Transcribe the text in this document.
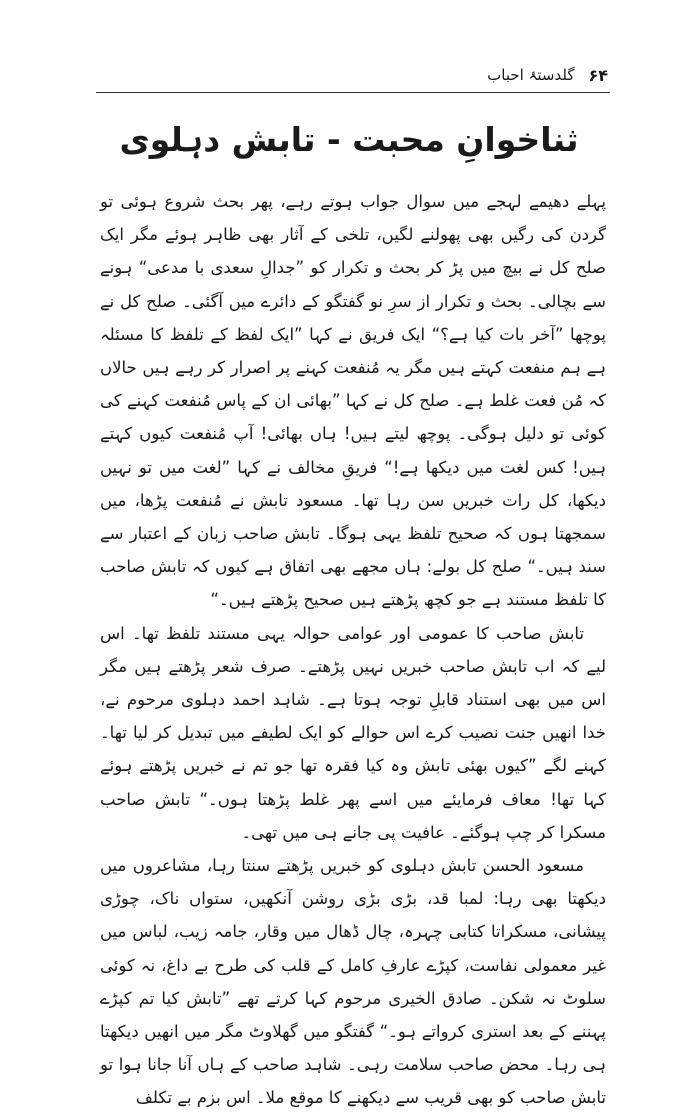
۶۴
گلدستۂ احباب
ثناخوانِ محبت - تابش دہلوی

پہلے دھیمے لہجے میں سوال جواب ہوتے رہے، پھر بحث شروع ہوئی تو گردن کی رگیں بھی پھولنے لگیں، تلخی کے آثار بھی ظاہر ہوئے مگر ایک صلح کل نے بیچ میں پڑ کر بحث و تکرار کو ”جدالِ سعدی با مدعی“ ہونے سے بچالی۔ بحث و تکرار از سرِ نو گفتگو کے دائرے میں آگئی۔ صلح کل نے پوچھا ”آخر بات کیا ہے؟“ ایک فریق نے کہا ”ایک لفظ کے تلفظ کا مسئلہ ہے ہم منفعت کہتے ہیں مگر یہ مُنفعت کہنے پر اصرار کر رہے ہیں حالاں کہ مُن فعت غلط ہے۔ صلح کل نے کہا ”بھائی ان کے پاس مُنفعت کہنے کی کوئی تو دلیل ہوگی۔ پوچھ لیتے ہیں! ہاں بھائی! آپ مُنفعت کیوں کہتے ہیں! کس لغت میں دیکھا ہے!“ فریقِ مخالف نے کہا ”لغت میں تو نہیں دیکھا، کل رات خبریں سن رہا تھا۔ مسعود تابش نے مُنفعت پڑھا، میں سمجھتا ہوں کہ صحیح تلفظ یہی ہوگا۔ تابش صاحب زبان کے اعتبار سے سند ہیں۔“ صلح کل بولے: ہاں مجھے بھی اتفاق ہے کیوں کہ تابش صاحب کا تلفظ مستند ہے جو کچھ پڑھتے ہیں صحیح پڑھتے ہیں۔“

تابش صاحب کا عمومی اور عوامی حوالہ یہی مستند تلفظ تھا۔ اس لیے کہ اب تابش صاحب خبریں نہیں پڑھتے۔ صرف شعر پڑھتے ہیں مگر اس میں بھی استناد قابلِ توجہ ہوتا ہے۔ شاہد احمد دہلوی مرحوم نے، خدا انھیں جنت نصیب کرے اس حوالے کو ایک لطیفے میں تبدیل کر لیا تھا۔ کہنے لگے ”کیوں بھئی تابش وہ کیا فقرہ تھا جو تم نے خبریں پڑھتے ہوئے کہا تھا! معاف فرمایئے میں اسے پھر غلط پڑھتا ہوں۔“ تابش صاحب مسکرا کر چپ ہوگئے۔ عافیت پی جانے ہی میں تھی۔

مسعود الحسن تابش دہلوی کو خبریں پڑھتے سنتا رہا، مشاعروں میں دیکھتا بھی رہا: لمبا قد، بڑی بڑی روشن آنکھیں، ستواں ناک، چوڑی پیشانی، مسکراتا کتابی چہرہ، چال ڈھال میں وقار، جامہ زیب، لباس میں غیر معمولی نفاست، کپڑے عارفِ کامل کے قلب کی طرح بے داغ، نہ کوئی سلوٹ نہ شکن۔ صادق الخیری مرحوم کہا کرتے تھے ”تابش کیا تم کپڑے پہننے کے بعد استری کرواتے ہو۔“ گفتگو میں گھلاوٹ مگر میں انھیں دیکھتا ہی رہا۔ محض صاحب سلامت رہی۔ شاہد صاحب کے ہاں آنا جانا ہوا تو تابش صاحب کو بھی قریب سے دیکھنے کا موقع ملا۔ اس بزم بے تکلف
